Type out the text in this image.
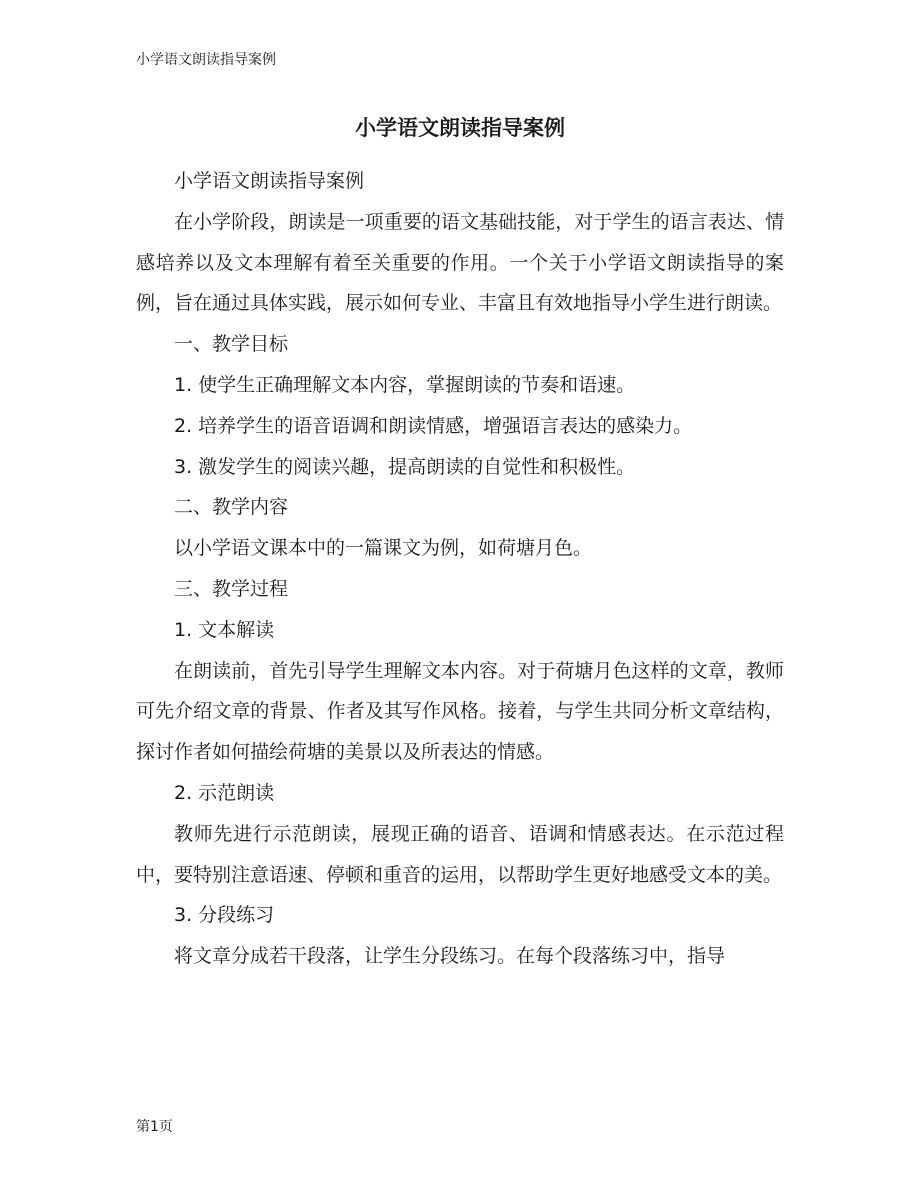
小学语文朗读指导案例
小学语文朗读指导案例

小学语文朗读指导案例

在小学阶段，朗读是一项重要的语文基础技能，对于学生的语言表达、情感培养以及文本理解有着至关重要的作用。一个关于小学语文朗读指导的案例，旨在通过具体实践，展示如何专业、丰富且有效地指导小学生进行朗读。

一、教学目标

1. 使学生正确理解文本内容，掌握朗读的节奏和语速。

2. 培养学生的语音语调和朗读情感，增强语言表达的感染力。

3. 激发学生的阅读兴趣，提高朗读的自觉性和积极性。

二、教学内容

以小学语文课本中的一篇课文为例，如荷塘月色。

三、教学过程

1. 文本解读

在朗读前，首先引导学生理解文本内容。对于荷塘月色这样的文章，教师可先介绍文章的背景、作者及其写作风格。接着，与学生共同分析文章结构，探讨作者如何描绘荷塘的美景以及所表达的情感。

2. 示范朗读

教师先进行示范朗读，展现正确的语音、语调和情感表达。在示范过程中，要特别注意语速、停顿和重音的运用，以帮助学生更好地感受文本的美。

3. 分段练习

将文章分成若干段落，让学生分段练习。在每个段落练习中，指导

第1页
